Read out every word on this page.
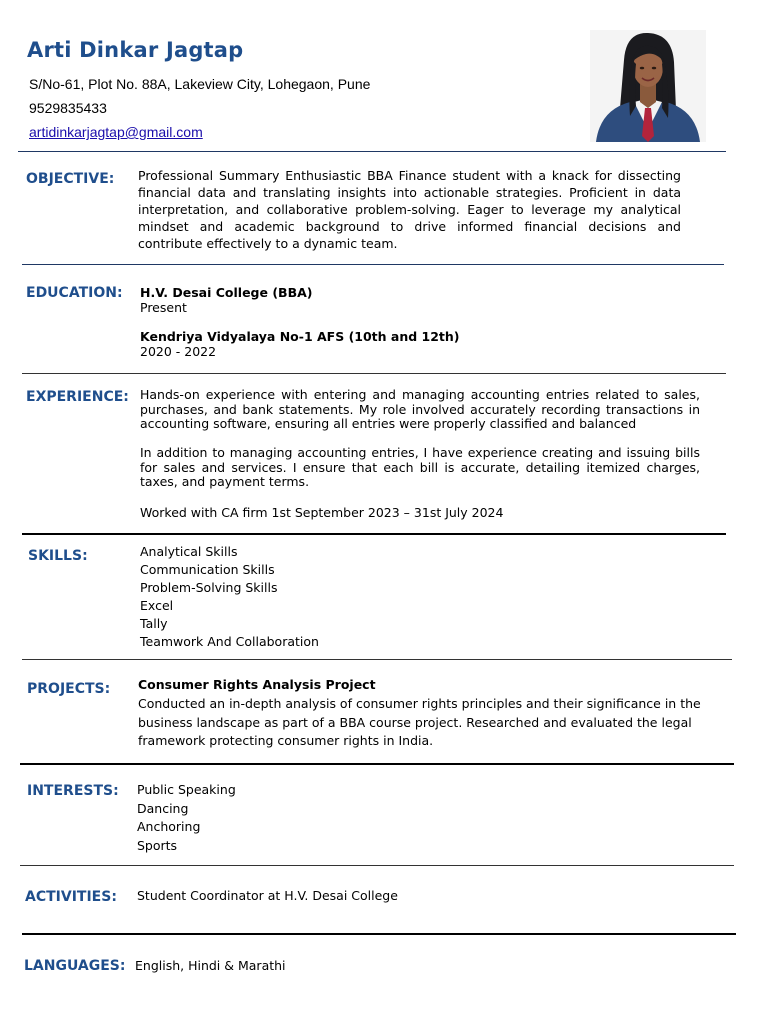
Arti Dinkar Jagtap
S/No-61, Plot No. 88A, Lakeview City, Lohegaon, Pune
9529835433
artidinkarjagtap@gmail.com
OBJECTIVE: Professional Summary Enthusiastic BBA Finance student with a knack for dissecting financial data and translating insights into actionable strategies. Proficient in data interpretation, and collaborative problem-solving. Eager to leverage my analytical mindset and academic background to drive informed financial decisions and contribute effectively to a dynamic team.
EDUCATION: H.V. Desai College (BBA)
Present
Kendriya Vidyalaya No-1 AFS (10th and 12th)
2020 - 2022
EXPERIENCE: Hands-on experience with entering and managing accounting entries related to sales, purchases, and bank statements. My role involved accurately recording transactions in accounting software, ensuring all entries were properly classified and balanced
In addition to managing accounting entries, I have experience creating and issuing bills for sales and services. I ensure that each bill is accurate, detailing itemized charges, taxes, and payment terms.
Worked with CA firm 1st September 2023 – 31st July 2024
SKILLS:	Analytical Skills
Communication Skills
Problem-Solving Skills
Excel
Tally
Teamwork And Collaboration
PROJECTS: Consumer Rights Analysis Project
Conducted an in-depth analysis of consumer rights principles and their significance in the business landscape as part of a BBA course project. Researched and evaluated the legal framework protecting consumer rights in India.
INTERESTS: Public Speaking
Dancing
Anchoring
Sports
ACTIVITIES: Student Coordinator at H.V. Desai College
LANGUAGES: English, Hindi & Marathi
